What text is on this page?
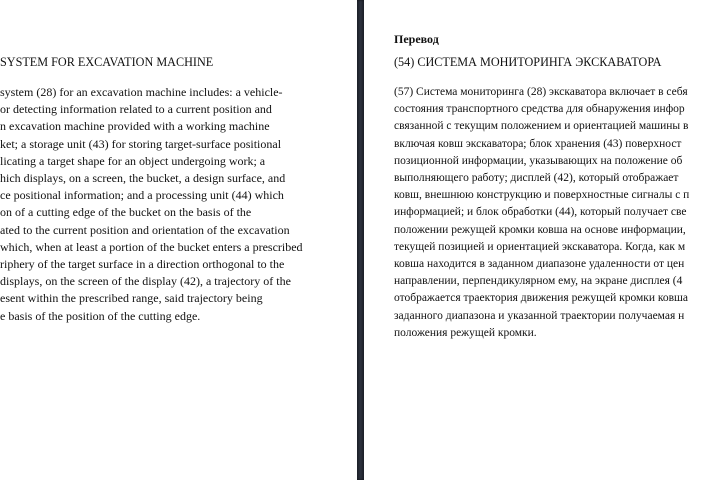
SYSTEM FOR EXCAVATION MACHINE
system (28) for an excavation machine includes: a vehicle-
or detecting information related to a current position and
n excavation machine provided with a working machine
ket; a storage unit (43) for storing target-surface positional
licating a target shape for an object undergoing work; a
hich displays, on a screen, the bucket, a design surface, and
ce positional information; and a processing unit (44) which
on of a cutting edge of the bucket on the basis of the
ated to the current position and orientation of the excavation
which, when at least a portion of the bucket enters a prescribed
riphery of the target surface in a direction orthogonal to the
displays, on the screen of the display (42), a trajectory of the
esent within the prescribed range, said trajectory being
e basis of the position of the cutting edge.
Перевод
(54) СИСТЕМА МОНИТОРИНГА ЭКСКАВАТОРА
(57) Система мониторинга (28) экскаватора включает в себя
состояния транспортного средства для обнаружения инфор
связанной с текущим положением и ориентацией машины в
включая ковш экскаватора; блок хранения (43) поверхност
позиционной информации, указывающих на положение об
выполняющего работу; дисплей (42), который отображает
ковш, внешнюю конструкцию и поверхностные сигналы с п
информацией; и блок обработки (44), который получает све
положении режущей кромки ковша на основе информации,
текущей позицией и ориентацией экскаватора. Когда, как м
ковша находится в заданном диапазоне удаленности от цен
направлении, перпендикулярном ему, на экране дисплея (4
отображается траектория движения режущей кромки ковша
заданного диапазона и указанной траектории получаемая н
положения режущей кромки.
